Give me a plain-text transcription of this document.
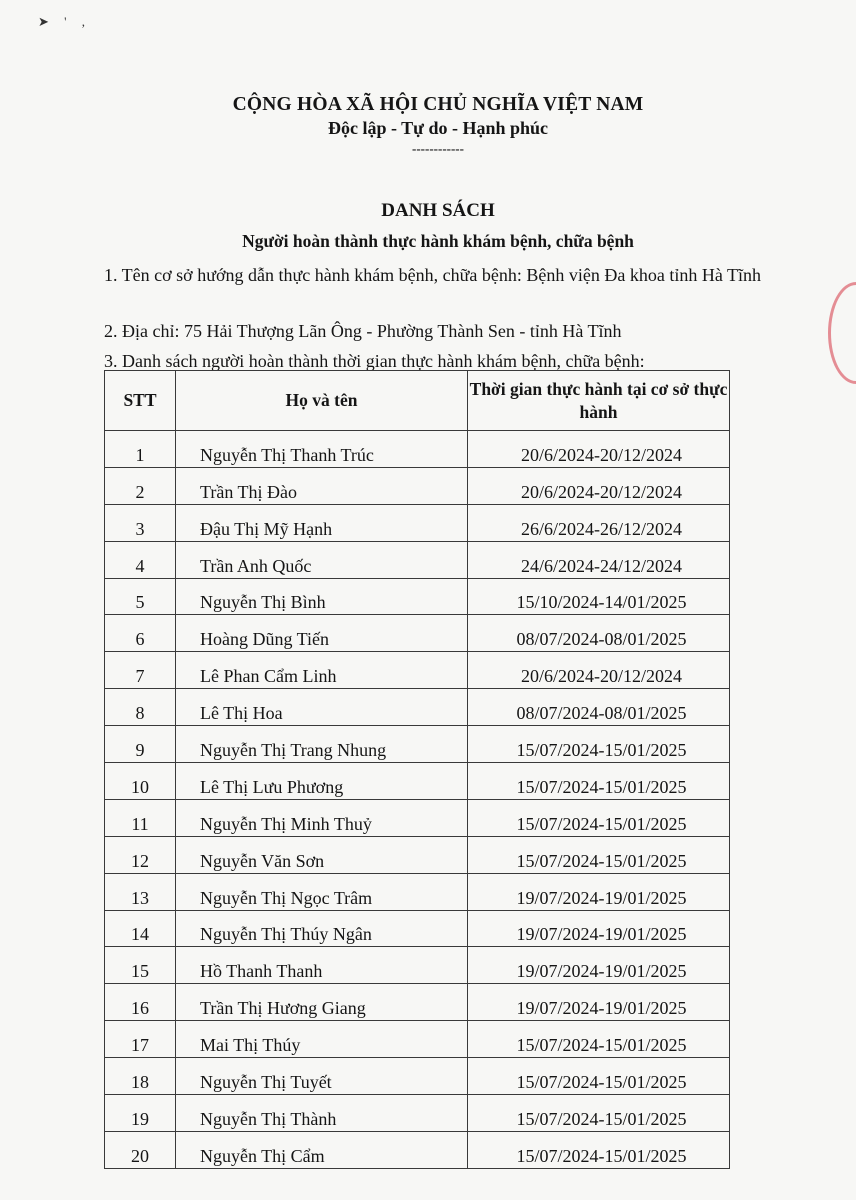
➤ ' ,
CỘNG HÒA XÃ HỘI CHỦ NGHĨA VIỆT NAM
Độc lập - Tự do - Hạnh phúc
------------
DANH SÁCH
Người hoàn thành thực hành khám bệnh, chữa bệnh
1. Tên cơ sở hướng dẫn thực hành khám bệnh, chữa bệnh: Bệnh viện Đa khoa tỉnh Hà Tĩnh
2. Địa chỉ: 75 Hải Thượng Lãn Ông - Phường Thành Sen - tỉnh Hà Tĩnh
3. Danh sách người hoàn thành thời gian thực hành khám bệnh, chữa bệnh:
STT	Họ và tên	Thời gian thực hành tại cơ sở thực hành
1	Nguyễn Thị Thanh Trúc	20/6/2024-20/12/2024
2	Trần Thị Đào	20/6/2024-20/12/2024
3	Đậu Thị Mỹ Hạnh	26/6/2024-26/12/2024
4	Trần Anh Quốc	24/6/2024-24/12/2024
5	Nguyễn Thị Bình	15/10/2024-14/01/2025
6	Hoàng Dũng Tiến	08/07/2024-08/01/2025
7	Lê Phan Cẩm Linh	20/6/2024-20/12/2024
8	Lê Thị Hoa	08/07/2024-08/01/2025
9	Nguyễn Thị Trang Nhung	15/07/2024-15/01/2025
10	Lê Thị Lưu Phương	15/07/2024-15/01/2025
11	Nguyễn Thị Minh Thuỷ	15/07/2024-15/01/2025
12	Nguyễn Văn Sơn	15/07/2024-15/01/2025
13	Nguyễn Thị Ngọc Trâm	19/07/2024-19/01/2025
14	Nguyễn Thị Thúy Ngân	19/07/2024-19/01/2025
15	Hồ Thanh Thanh	19/07/2024-19/01/2025
16	Trần Thị Hương Giang	19/07/2024-19/01/2025
17	Mai Thị Thúy	15/07/2024-15/01/2025
18	Nguyễn Thị Tuyết	15/07/2024-15/01/2025
19	Nguyễn Thị Thành	15/07/2024-15/01/2025
20	Nguyễn Thị Cẩm	15/07/2024-15/01/2025
